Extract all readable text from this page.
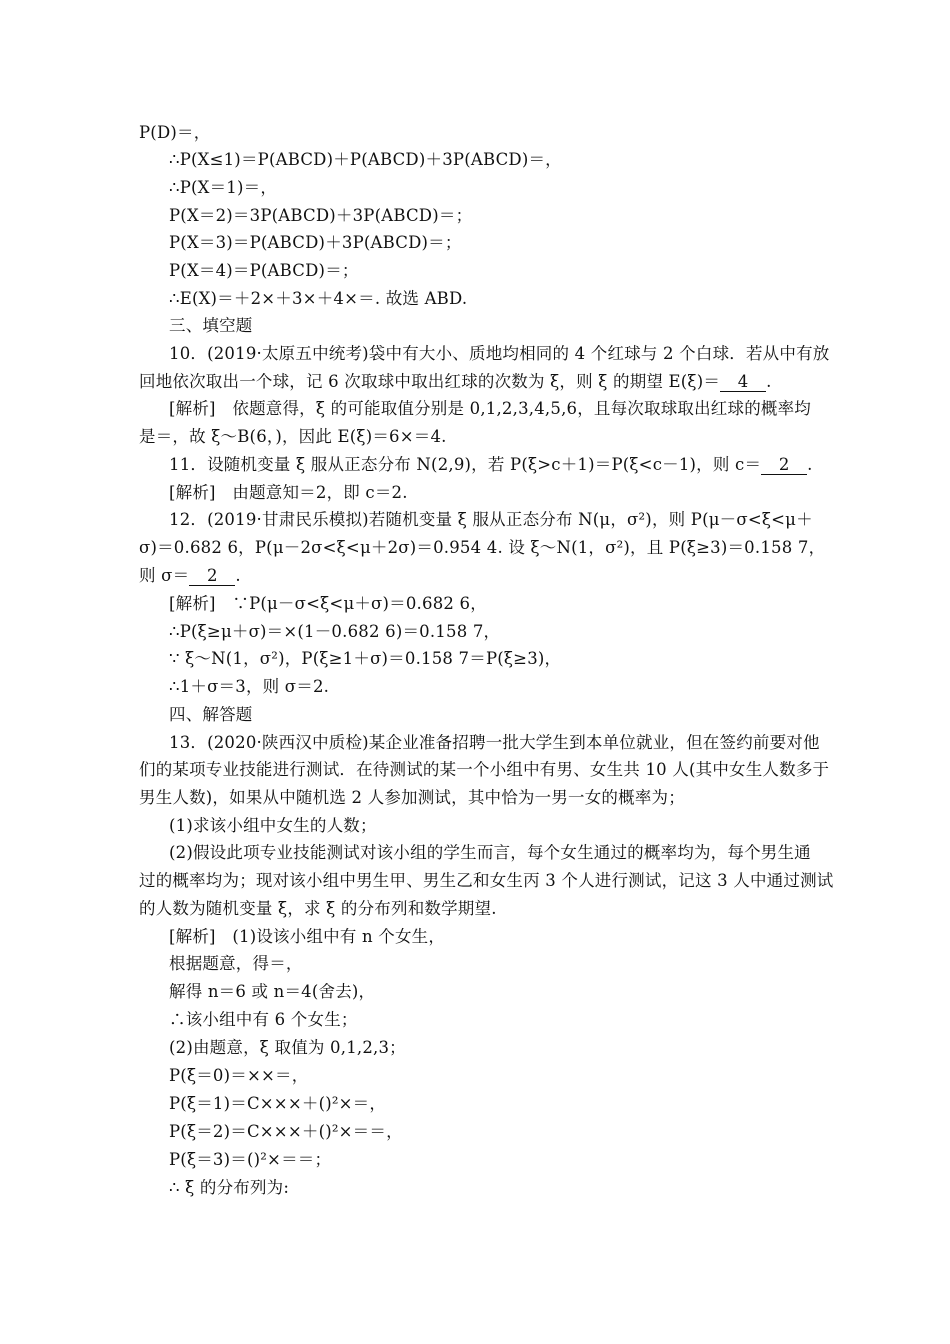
P(D)＝，
∴P(X≤1)＝P(ABCD)＋P(ABCD)＋3P(ABCD)＝，
∴P(X＝1)＝，
P(X＝2)＝3P(ABCD)＋3P(ABCD)＝；
P(X＝3)＝P(ABCD)＋3P(ABCD)＝；
P(X＝4)＝P(ABCD)＝；
∴E(X)＝＋2×＋3×＋4×＝. 故选 ABD.
三、填空题
10．(2019·太原五中统考)袋中有大小、质地均相同的 4 个红球与 2 个白球．若从中有放
回地依次取出一个球，记 6 次取球中取出红球的次数为 ξ，则 ξ 的期望 E(ξ)＝ 4 .
[解析]　依题意得，ξ 的可能取值分别是 0,1,2,3,4,5,6，且每次取球取出红球的概率均
是＝，故 ξ～B(6，)，因此 E(ξ)＝6×＝4.
11．设随机变量 ξ 服从正态分布 N(2,9)，若 P(ξ>c＋1)＝P(ξ<c－1)，则 c＝ 2 .
[解析]　由题意知＝2，即 c＝2.
12．(2019·甘肃民乐模拟)若随机变量 ξ 服从正态分布 N(μ，σ²)，则 P(μ－σ<ξ<μ＋
σ)＝0.682 6，P(μ－2σ<ξ<μ＋2σ)＝0.954 4. 设 ξ～N(1，σ²)，且 P(ξ≥3)＝0.158 7，
则 σ＝ 2 .
[解析]　∵P(μ－σ<ξ<μ＋σ)＝0.682 6，
∴P(ξ≥μ＋σ)＝×(1－0.682 6)＝0.158 7，
∵ ξ～N(1，σ²)，P(ξ≥1＋σ)＝0.158 7＝P(ξ≥3)，
∴1＋σ＝3，则 σ＝2.
四、解答题
13．(2020·陕西汉中质检)某企业准备招聘一批大学生到本单位就业，但在签约前要对他
们的某项专业技能进行测试．在待测试的某一个小组中有男、女生共 10 人(其中女生人数多于
男生人数)，如果从中随机选 2 人参加测试，其中恰为一男一女的概率为；
(1)求该小组中女生的人数；
(2)假设此项专业技能测试对该小组的学生而言，每个女生通过的概率均为，每个男生通
过的概率均为；现对该小组中男生甲、男生乙和女生丙 3 个人进行测试，记这 3 人中通过测试
的人数为随机变量 ξ，求 ξ 的分布列和数学期望.
[解析]　(1)设该小组中有 n 个女生，
根据题意，得＝，
解得 n＝6 或 n＝4(舍去)，
∴该小组中有 6 个女生；
(2)由题意，ξ 取值为 0,1,2,3；
P(ξ＝0)＝××＝，
P(ξ＝1)＝C×××＋()²×＝，
P(ξ＝2)＝C×××＋()²×＝＝，
P(ξ＝3)＝()²×＝＝；
∴ ξ 的分布列为:
